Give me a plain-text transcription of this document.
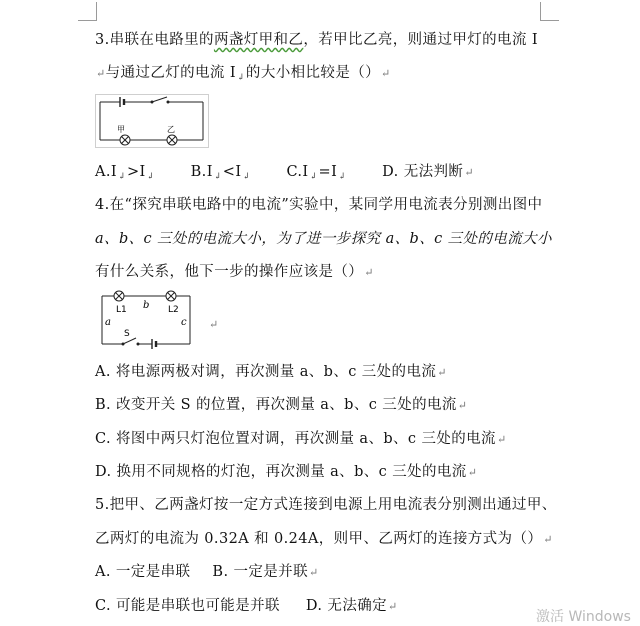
3.串联在电路里的两盏灯甲和乙，若甲比乙亮，则通过甲灯的电流 I
↵与通过乙灯的电流 $I_↲$的大小相比较是（）↵
甲	乙
$A.I_↲>I_↲$ $B.I_↲<I_↲$ $C.I_↲=I_↲$ D. 无法判断↵
4.在“探究串联电路中的电流”实验中，某同学用电流表分别测出图中
a、b、c 三处的电流大小，为了进一步探究 a、b、c 三处的电流大小
有什么关系，他下一步的操作应该是（）↵
L1	L2
b
a	c
S
↵
A. 将电源两极对调，再次测量 a、b、c 三处的电流↵
B. 改变开关 S 的位置，再次测量 a、b、c 三处的电流↵
C. 将图中两只灯泡位置对调，再次测量 a、b、c 三处的电流↵
D. 换用不同规格的灯泡，再次测量 a、b、c 三处的电流↵
5.把甲、乙两盏灯按一定方式连接到电源上用电流表分别测出通过甲、
乙两灯的电流为 0.32A 和 0.24A，则甲、乙两灯的连接方式为（）↵
A. 一定是串联 B. 一定是并联↵
C. 可能是串联也可能是并联 D. 无法确定↵
激活 Windows
